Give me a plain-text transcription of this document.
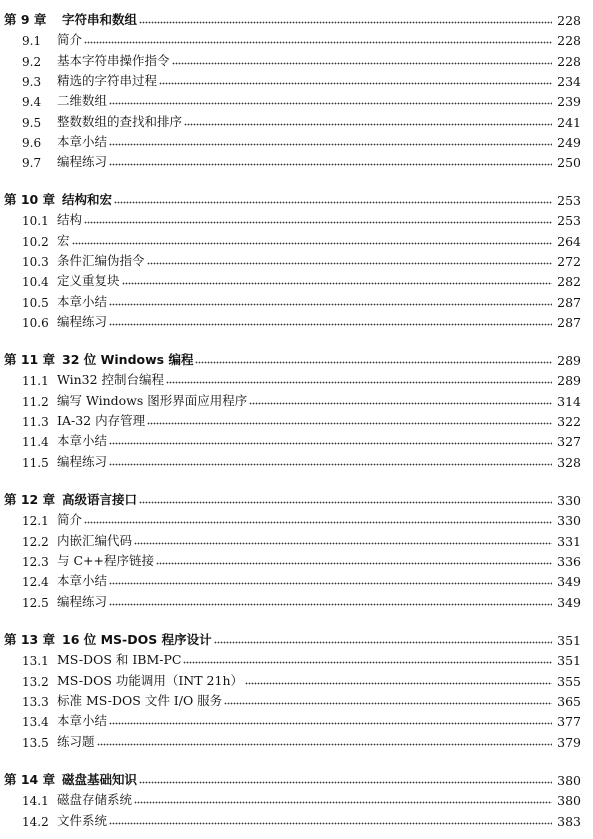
第 9 章	字符串和数组	228
9.1	简介	228
9.2	基本字符串操作指令	228
9.3	精选的字符串过程	234
9.4	二维数组	239
9.5	整数数组的查找和排序	241
9.6	本章小结	249
9.7	编程练习	250
第 10 章 结构和宏	253
10.1 结构	253
10.2 宏	264
10.3 条件汇编伪指令	272
10.4 定义重复块	282
10.5 本章小结	287
10.6 编程练习	287
第 11 章 32 位 Windows 编程	289
11.1 Win32 控制台编程	289
11.2 编写 Windows 图形界面应用程序	314
11.3 IA-32 内存管理	322
11.4 本章小结	327
11.5 编程练习	328
第 12 章 高级语言接口	330
12.1 简介	330
12.2 内嵌汇编代码	331
12.3 与 C++程序链接	336
12.4 本章小结	349
12.5 编程练习	349
第 13 章 16 位 MS-DOS 程序设计	351
13.1 MS-DOS 和 IBM-PC	351
13.2 MS-DOS 功能调用（INT 21h）	355
13.3 标准 MS-DOS 文件 I/O 服务	365
13.4 本章小结	377
13.5 练习题	379
第 14 章 磁盘基础知识	380
14.1 磁盘存储系统	380
14.2 文件系统	383
